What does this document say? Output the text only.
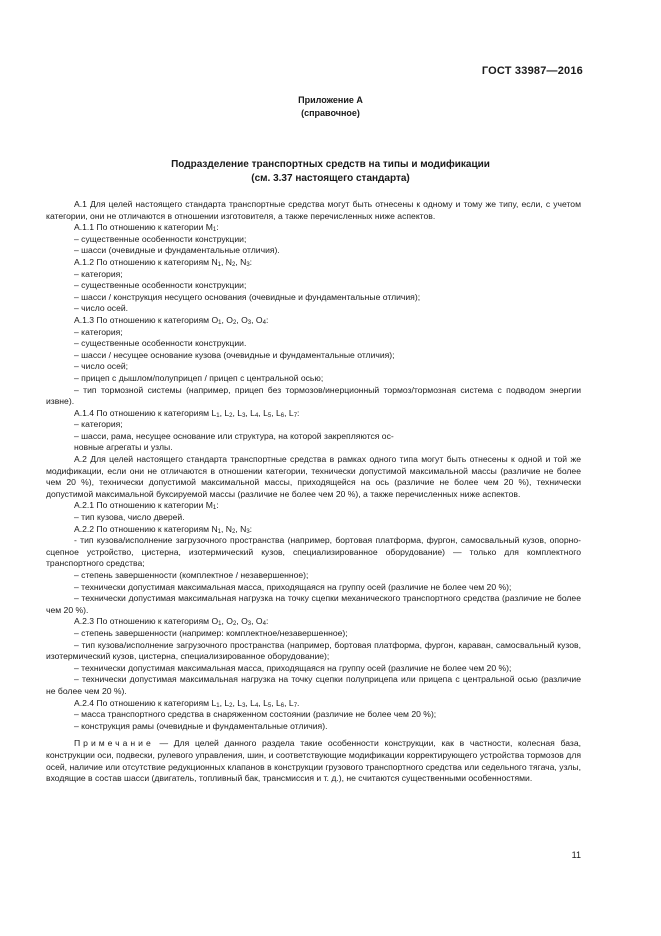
ГОСТ 33987—2016
Приложение А
(справочное)
Подразделение транспортных средств на типы и модификации
(см. 3.37 настоящего стандарта)

А.1 Для целей настоящего стандарта транспортные средства могут быть отнесены к одному и тому же типу, если, с учетом категории, они не отличаются в отношении изготовителя, а также перечисленных ниже аспектов.

А.1.1 По отношению к категории $M_1$:

– существенные особенности конструкции;

– шасси (очевидные и фундаментальные отличия).

А.1.2 По отношению к категориям $N_1$, $N_2$, $N_3$:

– категория;

– существенные особенности конструкции;

– шасси / конструкция несущего основания (очевидные и фундаментальные отличия);

– число осей.

А.1.3 По отношению к категориям $O_1$, $O_2$, $O_3$, $O_4$:

– категория;

– существенные особенности конструкции.

– шасси / несущее основание кузова (очевидные и фундаментальные отличия);

– число осей;

– прицеп с дышлом/полуприцеп / прицеп с центральной осью;

– тип тормозной системы (например, прицеп без тормозов/инерционный тормоз/тормозная система с подводом энергии извне).

А.1.4 По отношению к категориям $L_1$, $L_2$, $L_3$, $L_4$, $L_5$, $L_6$, $L_7$:

– категория;

– шасси, рама, несущее основание или структура, на которой закрепляются ос-

новные агрегаты и узлы.

А.2 Для целей настоящего стандарта транспортные средства в рамках одного типа могут быть отнесены к одной и той же модификации, если они не отличаются в отношении категории, технически допустимой максимальной массы (различие не более чем 20 %), технически допустимой максимальной массы, приходящейся на ось (различие не более чем 20 %), технически допустимой максимальной буксируемой массы (различие не более чем 20 %), а также перечисленных ниже аспектов.

А.2.1 По отношению к категории $M_1$:

– тип кузова, число дверей.

А.2.2 По отношению к категориям $N_1$, $N_2$, $N_3$:

- тип кузова/исполнение загрузочного пространства (например, бортовая платформа, фургон, самосвальный кузов, опорно-сцепное устройство, цистерна, изотермический кузов, специализированное оборудование) — только для комплектного транспортного средства;

– степень завершенности (комплектное / незавершенное);

– технически допустимая максимальная масса, приходящаяся на группу осей (различие не более чем 20 %);

– технически допустимая максимальная нагрузка на точку сцепки механического транспортного средства (различие не более чем 20 %).

А.2.3 По отношению к категориям $O_1$, $O_2$, $O_3$, $O_4$:

– степень завершенности (например: комплектное/незавершенное);

– тип кузова/исполнение загрузочного пространства (например, бортовая платформа, фургон, караван, самосвальный кузов, изотермический кузов, цистерна, специализированное оборудование);

– технически допустимая максимальная масса, приходящаяся на группу осей (различие не более чем 20 %);

– технически допустимая максимальная нагрузка на точку сцепки полуприцепа или прицепа с центральной осью (различие не более чем 20 %).

А.2.4 По отношению к категориям $L_1$, $L_2$, $L_3$, $L_4$, $L_5$, $L_6$, $L_7$.

– масса транспортного средства в снаряженном состоянии (различие не более чем 20 %);

– конструкция рамы (очевидные и фундаментальные отличия).

Примечание — Для целей данного раздела такие особенности конструкции, как в частности, колесная база, конструкции оси, подвески, рулевого управления, шин, и соответствующие модификации корректирующего устройства тормозов для осей, наличие или отсутствие редукционных клапанов в конструкции грузового транспортного средства или седельного тягача, узлы, входящие в состав шасси (двигатель, топливный бак, трансмиссия и т. д.), не считаются существенными особенностями.

11
